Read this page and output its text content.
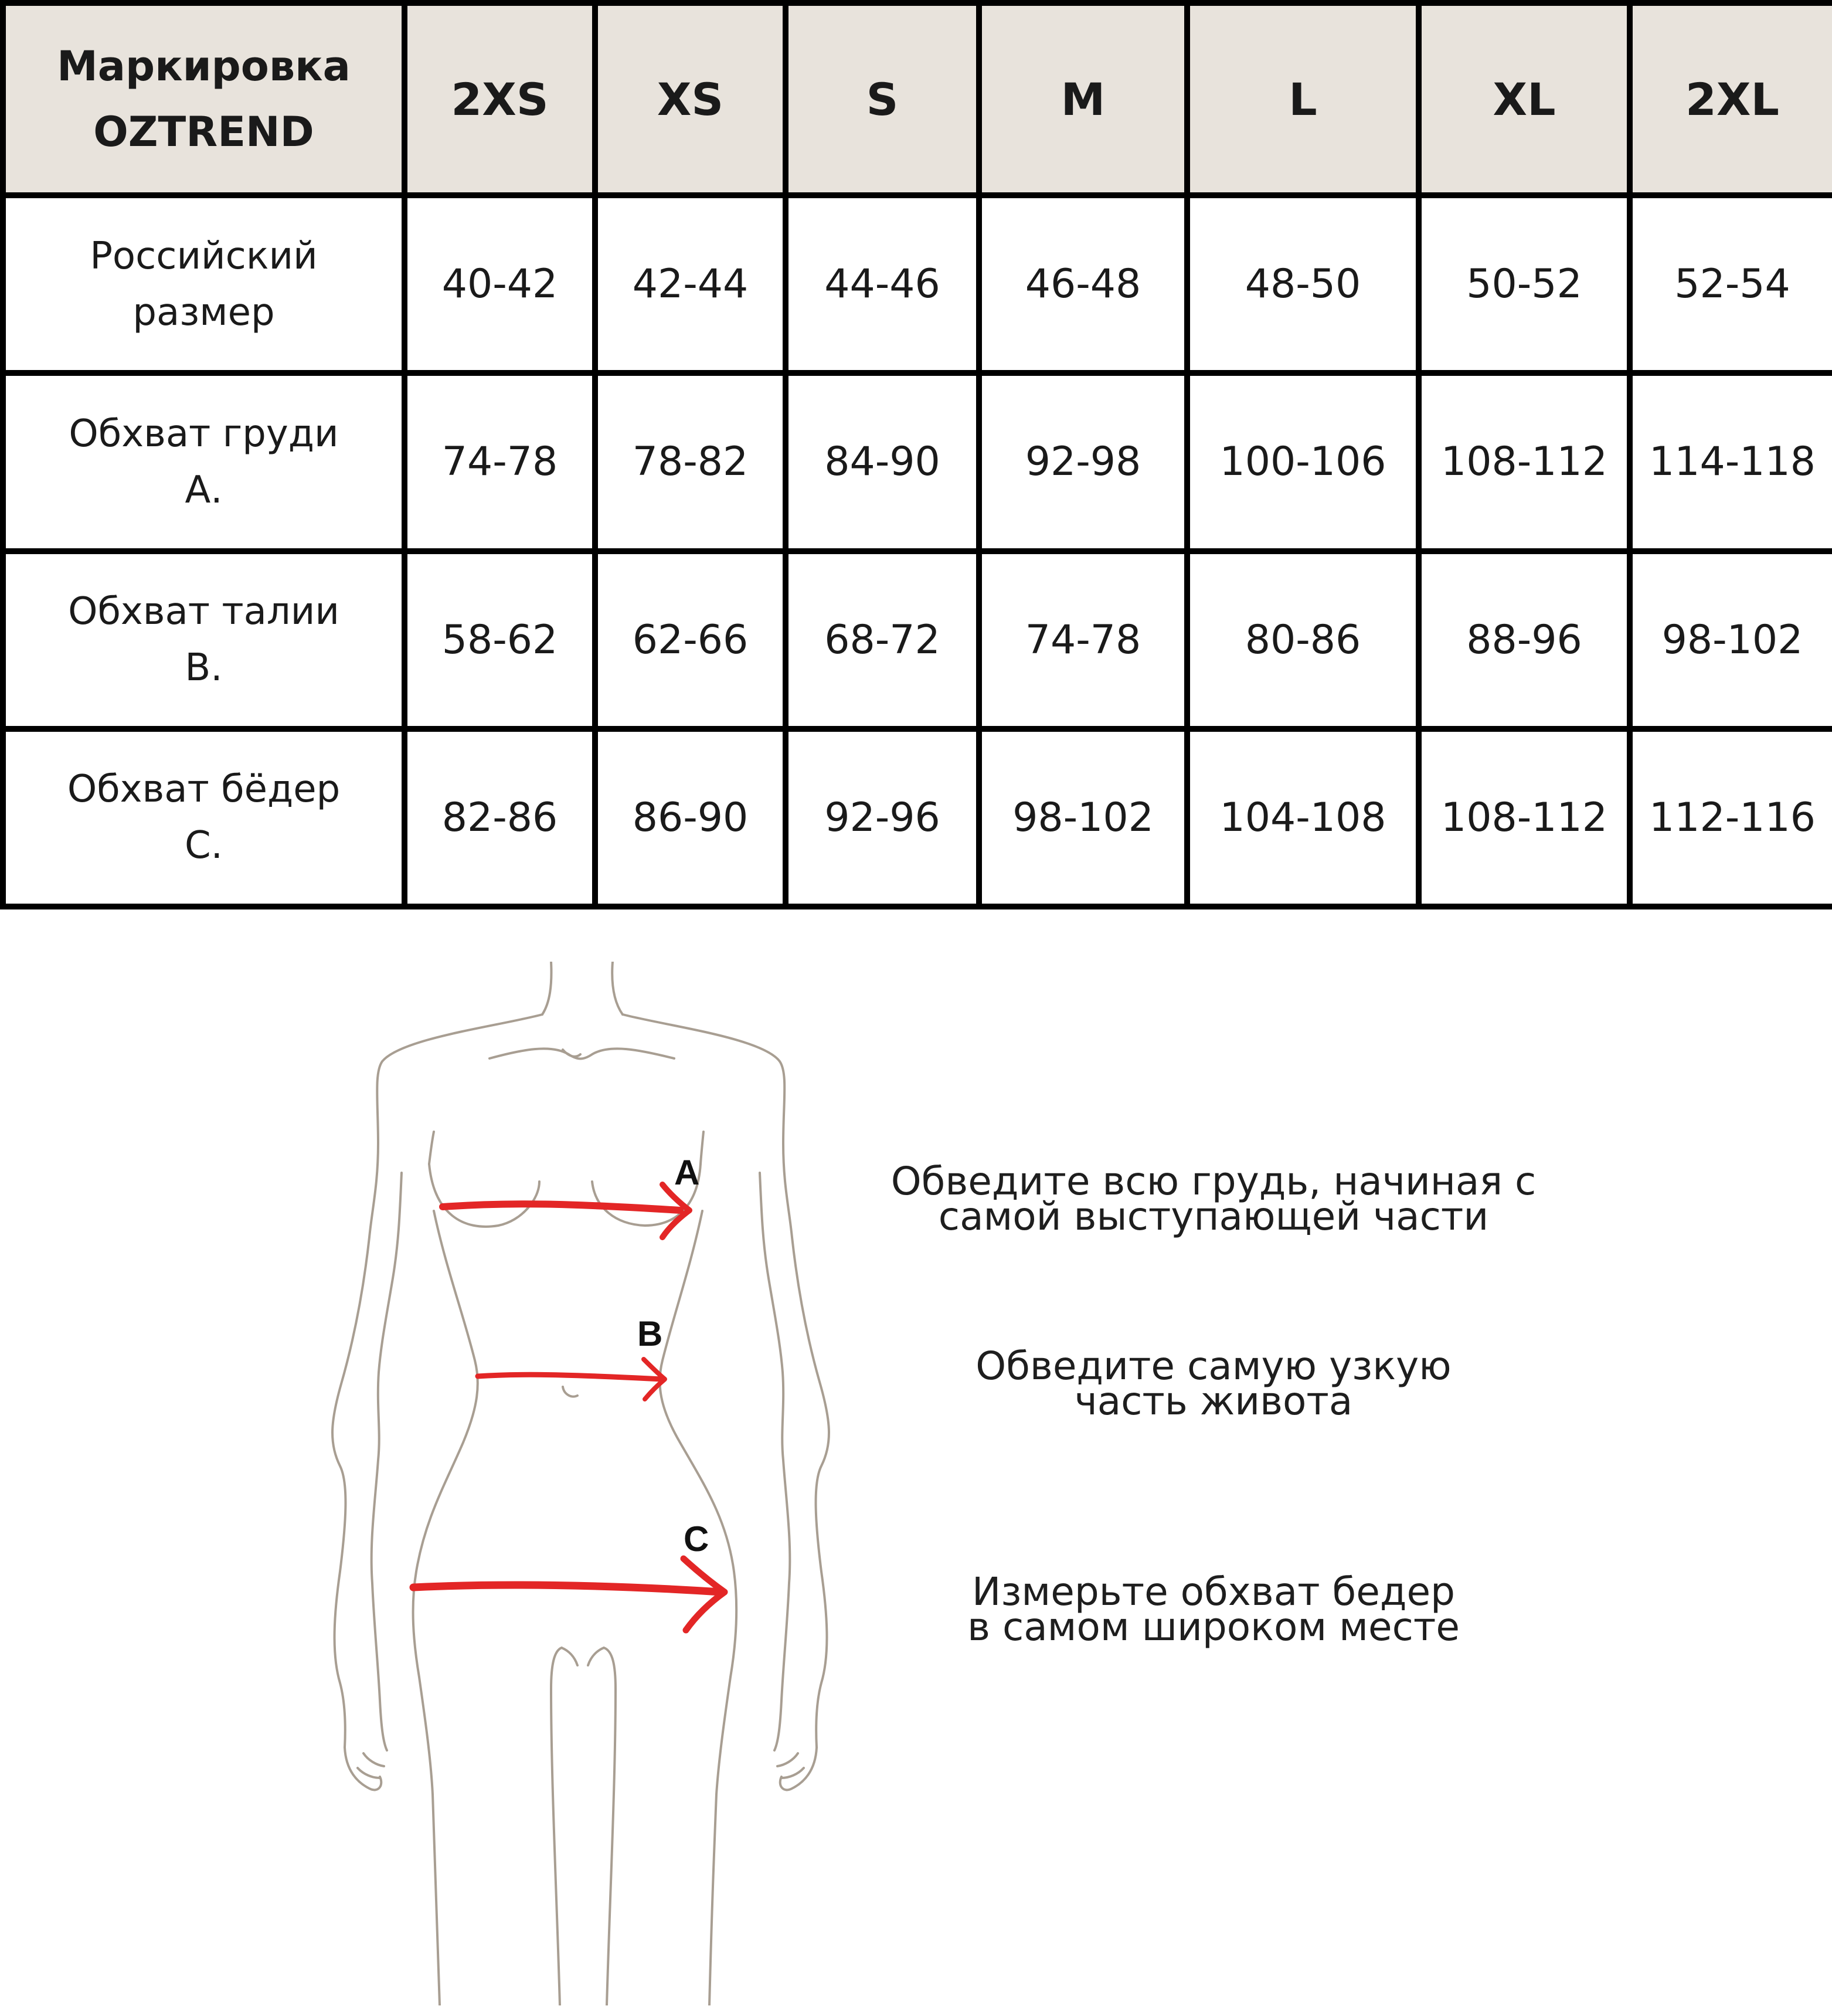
Маркировка
OZTREND	2XS	XS	S	M	L	XL	2XL

Российский
размер	40-42	42-44	44-46	46-48	48-50	50-52	52-54

Обхват груди
А.	74-78	78-82	84-90	92-98	100-106	108-112	114-118

Обхват талии
В.	58-62	62-66	68-72	74-78	80-86	88-96	98-102

Обхват бёдер
С.	82-86	86-90	92-96	98-102	104-108	108-112	112-116
A
B
C
Обведите всю грудь, начиная с
самой выступающей части
Обведите самую узкую
часть живота
Измерьте обхват бедер
в самом широком месте
